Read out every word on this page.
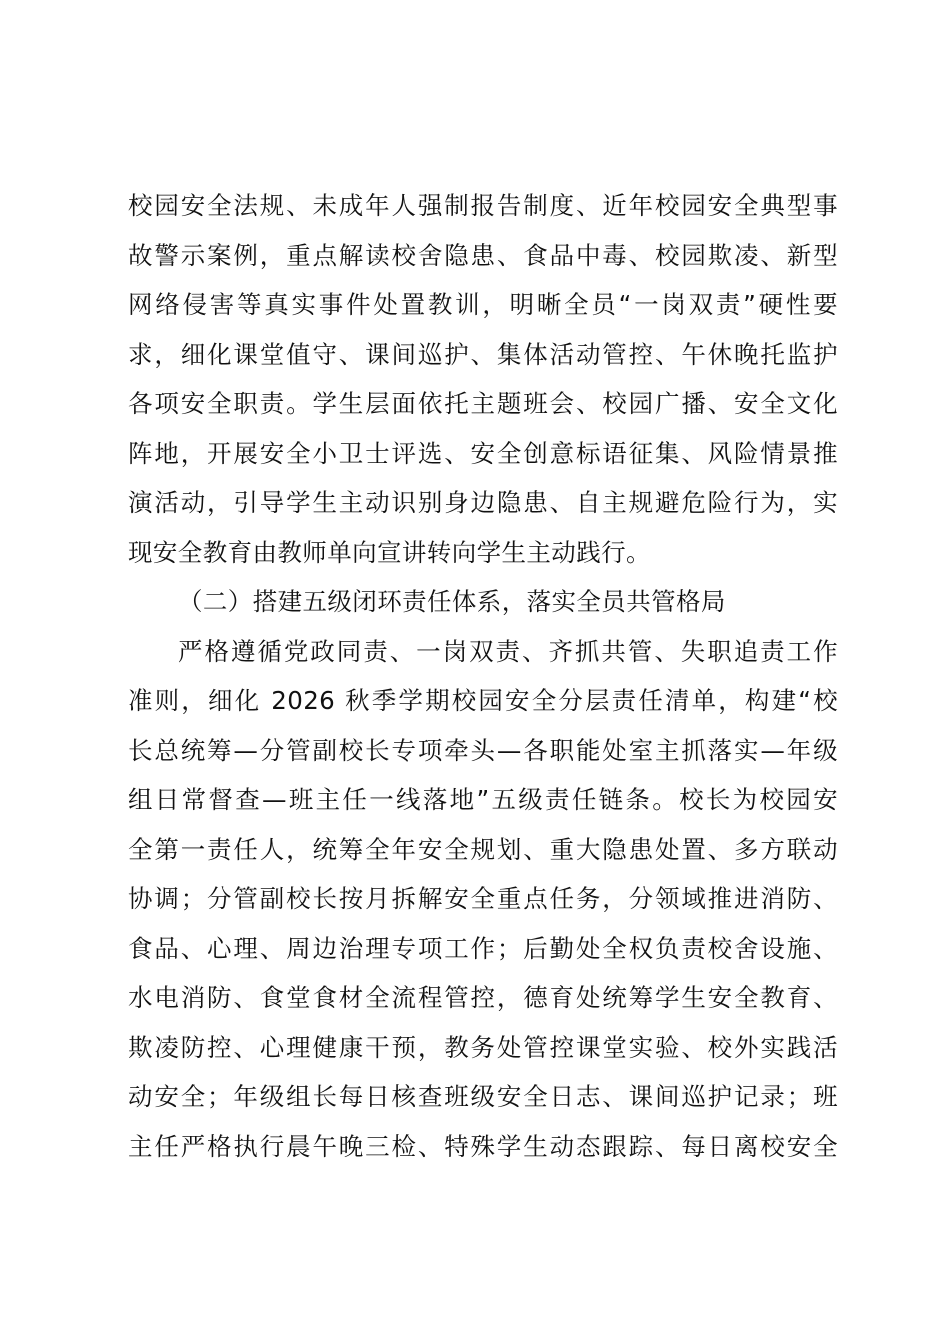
校园安全法规、未成年人强制报告制度、近年校园安全典型事
故警示案例，重点解读校舍隐患、食品中毒、校园欺凌、新型
网络侵害等真实事件处置教训，明晰全员“一岗双责”硬性要
求，细化课堂值守、课间巡护、集体活动管控、午休晚托监护
各项安全职责。学生层面依托主题班会、校园广播、安全文化
阵地，开展安全小卫士评选、安全创意标语征集、风险情景推
演活动，引导学生主动识别身边隐患、自主规避危险行为，实
现安全教育由教师单向宣讲转向学生主动践行。
（二）搭建五级闭环责任体系，落实全员共管格局
严格遵循党政同责、一岗双责、齐抓共管、失职追责工作
准则，细化 2026 秋季学期校园安全分层责任清单，构建“校
长总统筹—分管副校长专项牵头—各职能处室主抓落实—年级
组日常督查—班主任一线落地”五级责任链条。校长为校园安
全第一责任人，统筹全年安全规划、重大隐患处置、多方联动
协调；分管副校长按月拆解安全重点任务，分领域推进消防、
食品、心理、周边治理专项工作；后勤处全权负责校舍设施、
水电消防、食堂食材全流程管控，德育处统筹学生安全教育、
欺凌防控、心理健康干预，教务处管控课堂实验、校外实践活
动安全；年级组长每日核查班级安全日志、课间巡护记录；班
主任严格执行晨午晚三检、特殊学生动态跟踪、每日离校安全
